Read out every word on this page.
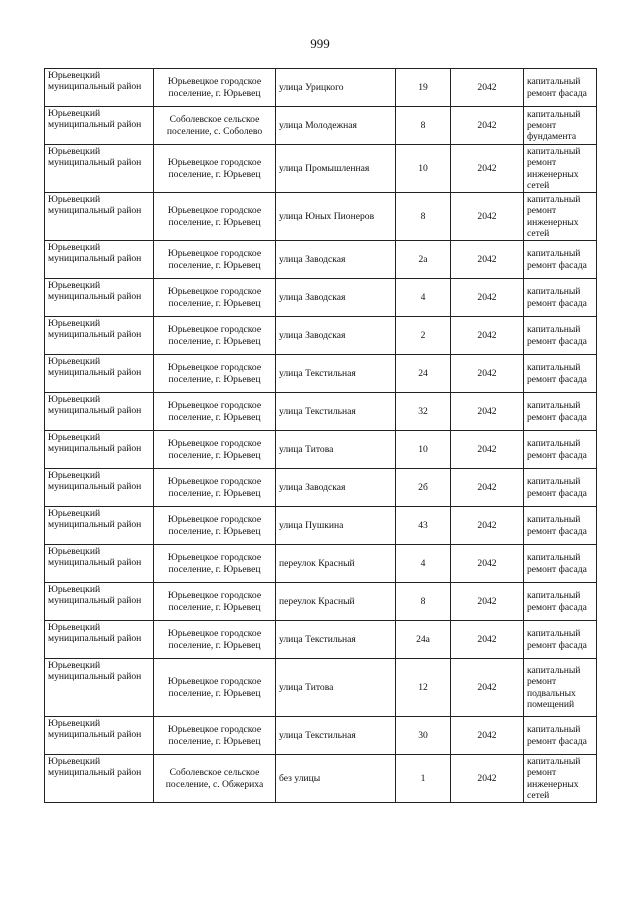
999
Юрьевецкий муниципальный район	Юрьевецкое городское поселение, г. Юрьевец	улица Урицкого	19	2042	капитальный ремонт фасада
Юрьевецкий муниципальный район	Соболевское сельское поселение, с. Соболево	улица Молодежная	8	2042	капитальный ремонт фундамента
Юрьевецкий муниципальный район	Юрьевецкое городское поселение, г. Юрьевец	улица Промышленная	10	2042	капитальный ремонт инженерных сетей
Юрьевецкий муниципальный район	Юрьевецкое городское поселение, г. Юрьевец	улица Юных Пионеров	8	2042	капитальный ремонт инженерных сетей
Юрьевецкий муниципальный район	Юрьевецкое городское поселение, г. Юрьевец	улица Заводская	2а	2042	капитальный ремонт фасада
Юрьевецкий муниципальный район	Юрьевецкое городское поселение, г. Юрьевец	улица Заводская	4	2042	капитальный ремонт фасада
Юрьевецкий муниципальный район	Юрьевецкое городское поселение, г. Юрьевец	улица Заводская	2	2042	капитальный ремонт фасада
Юрьевецкий муниципальный район	Юрьевецкое городское поселение, г. Юрьевец	улица Текстильная	24	2042	капитальный ремонт фасада
Юрьевецкий муниципальный район	Юрьевецкое городское поселение, г. Юрьевец	улица Текстильная	32	2042	капитальный ремонт фасада
Юрьевецкий муниципальный район	Юрьевецкое городское поселение, г. Юрьевец	улица Титова	10	2042	капитальный ремонт фасада
Юрьевецкий муниципальный район	Юрьевецкое городское поселение, г. Юрьевец	улица Заводская	2б	2042	капитальный ремонт фасада
Юрьевецкий муниципальный район	Юрьевецкое городское поселение, г. Юрьевец	улица Пушкина	43	2042	капитальный ремонт фасада
Юрьевецкий муниципальный район	Юрьевецкое городское поселение, г. Юрьевец	переулок Красный	4	2042	капитальный ремонт фасада
Юрьевецкий муниципальный район	Юрьевецкое городское поселение, г. Юрьевец	переулок Красный	8	2042	капитальный ремонт фасада
Юрьевецкий муниципальный район	Юрьевецкое городское поселение, г. Юрьевец	улица Текстильная	24а	2042	капитальный ремонт фасада
Юрьевецкий муниципальный район	Юрьевецкое городское поселение, г. Юрьевец	улица Титова	12	2042	капитальный ремонт подвальных помещений
Юрьевецкий муниципальный район	Юрьевецкое городское поселение, г. Юрьевец	улица Текстильная	30	2042	капитальный ремонт фасада
Юрьевецкий муниципальный район	Соболевское сельское поселение, с. Обжериха	без улицы	1	2042	капитальный ремонт инженерных сетей
